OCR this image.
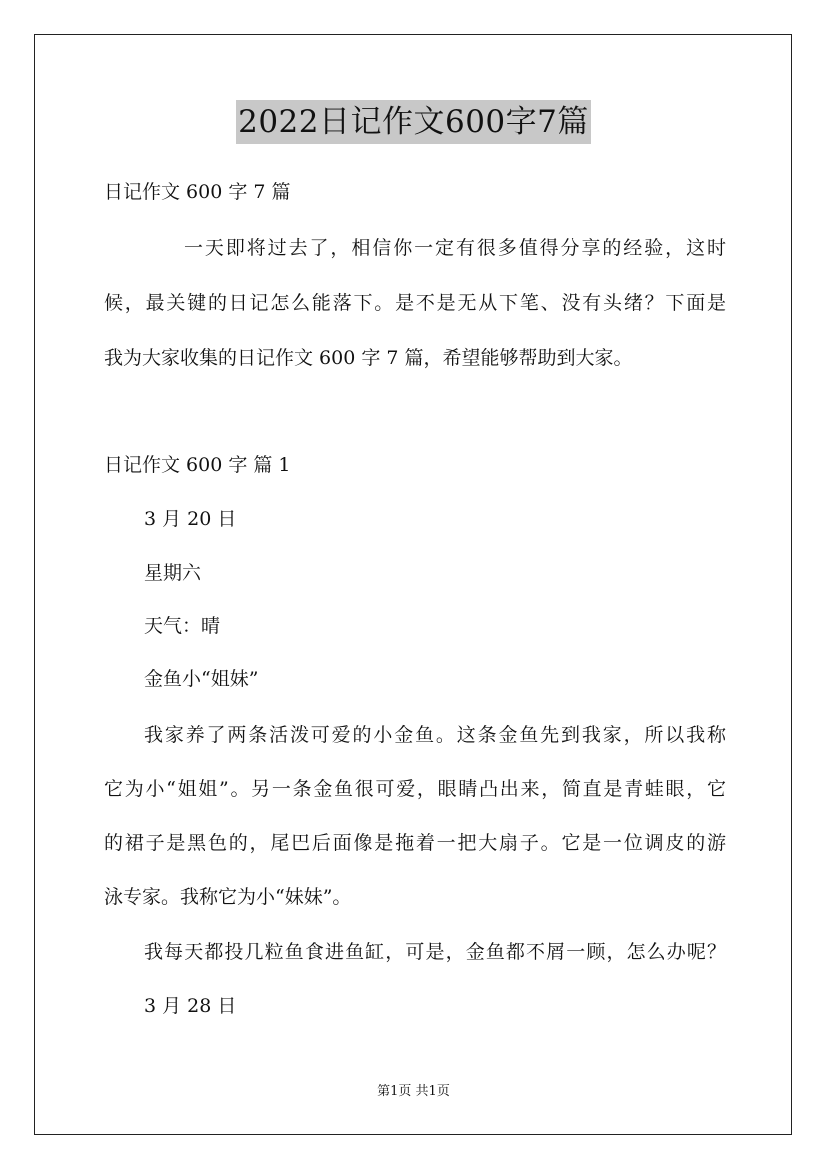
2022日记作文600字7篇
日记作文 600 字 7 篇
一天即将过去了，相信你一定有很多值得分享的经验，这时
候，最关键的日记怎么能落下。是不是无从下笔、没有头绪？下面是
我为大家收集的日记作文 600 字 7 篇，希望能够帮助到大家。
日记作文 600 字 篇 1
3 月 20 日
星期六
天气：晴
金鱼小“姐妹”
我家养了两条活泼可爱的小金鱼。这条金鱼先到我家，所以我称
它为小“姐姐”。另一条金鱼很可爱，眼睛凸出来，简直是青蛙眼，它
的裙子是黑色的，尾巴后面像是拖着一把大扇子。它是一位调皮的游
泳专家。我称它为小“妹妹”。
我每天都投几粒鱼食进鱼缸，可是，金鱼都不屑一顾，怎么办呢？
3 月 28 日
第1页 共1页
